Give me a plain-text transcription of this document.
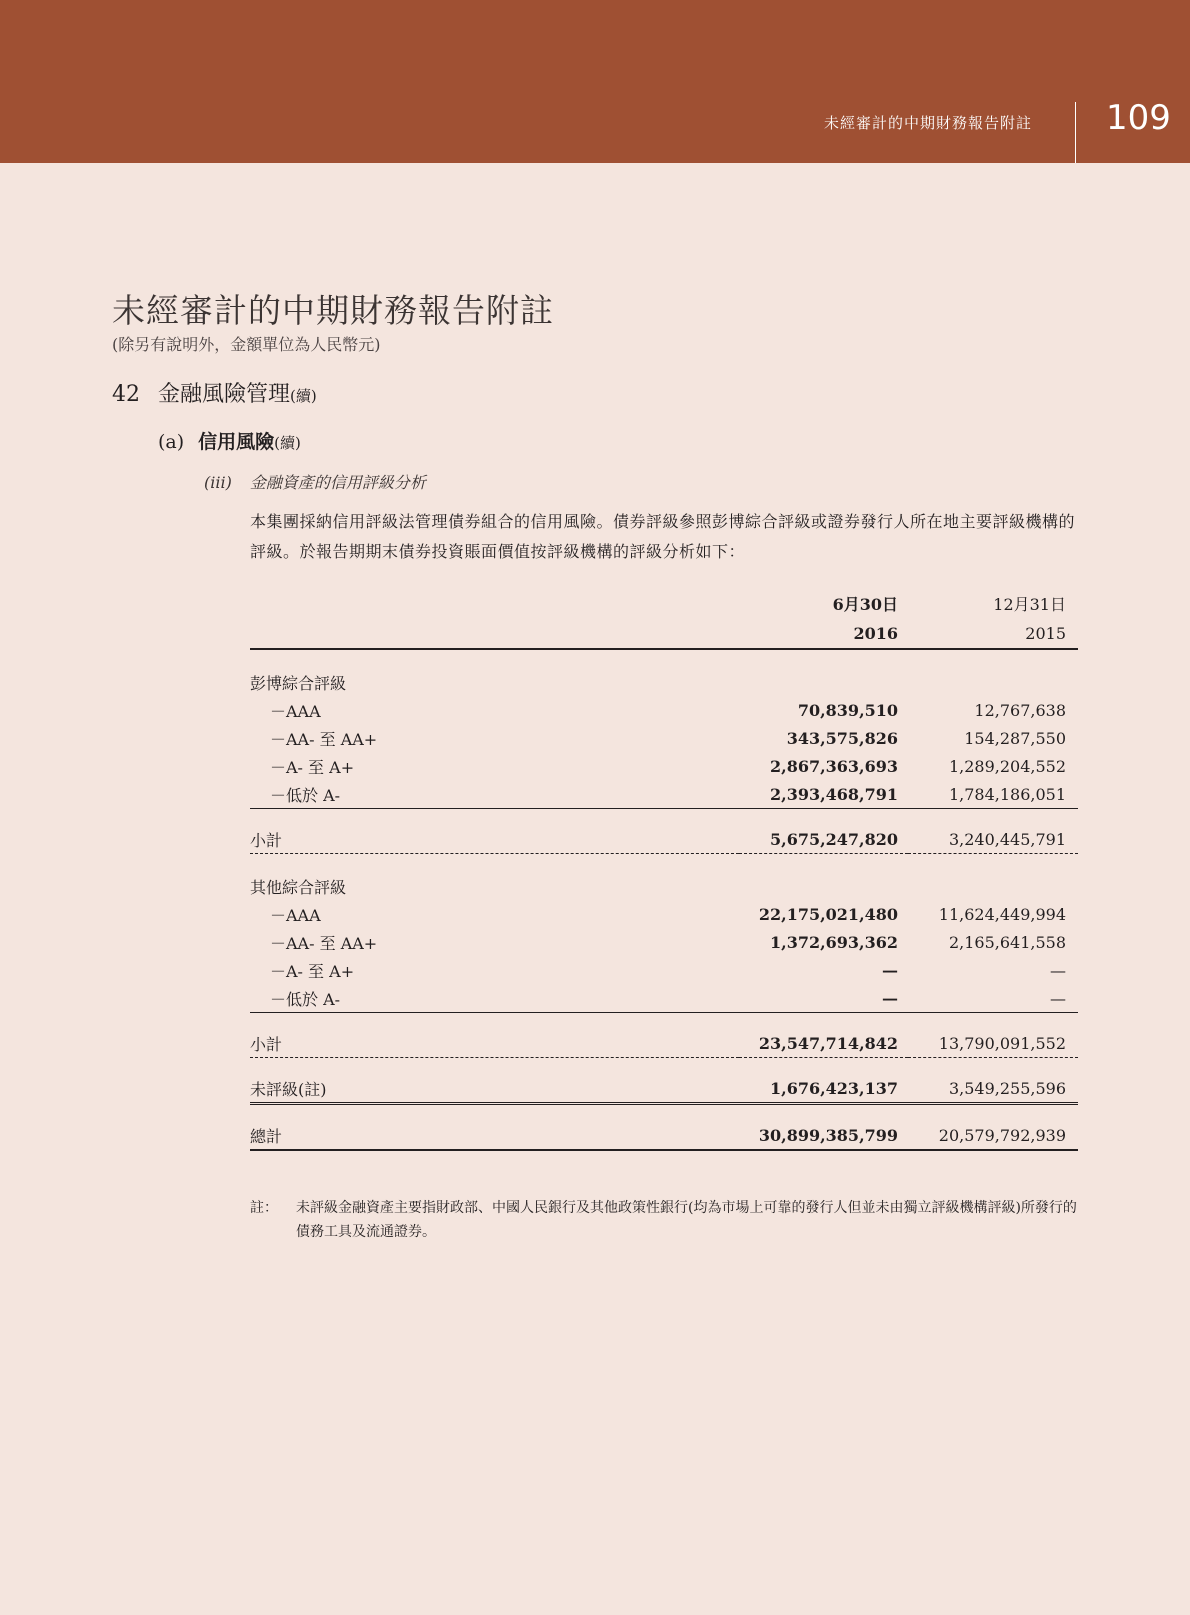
未經審計的中期財務報告附註 109
未經審計的中期財務報告附註
(除另有說明外，金額單位為人民幣元)
42 金融風險管理(續)
(a) 信用風險(續)
(iii) 金融資產的信用評級分析
本集團採納信用評級法管理債券組合的信用風險。債券評級參照彭博綜合評級或證券發行人所在地主要評級機構的評級。於報告期期末債券投資賬面價值按評級機構的評級分析如下：
	6月30日	12月31日
	2016	2015
彭博綜合評級		
－AAA	70,839,510	12,767,638
－AA- 至 AA+	343,575,826	154,287,550
－A- 至 A+	2,867,363,693	1,289,204,552
－低於 A-	2,393,468,791	1,784,186,051
小計	5,675,247,820	3,240,445,791
其他綜合評級		
－AAA	22,175,021,480	11,624,449,994
－AA- 至 AA+	1,372,693,362	2,165,641,558
－A- 至 A+	—	—
－低於 A-	—	—
小計	23,547,714,842	13,790,091,552
未評級(註)	1,676,423,137	3,549,255,596
總計	30,899,385,799	20,579,792,939
註：	未評級金融資產主要指財政部、中國人民銀行及其他政策性銀行(均為市場上可靠的發行人但並未由獨立評級機構評級)所發行的債務工具及流通證券。
